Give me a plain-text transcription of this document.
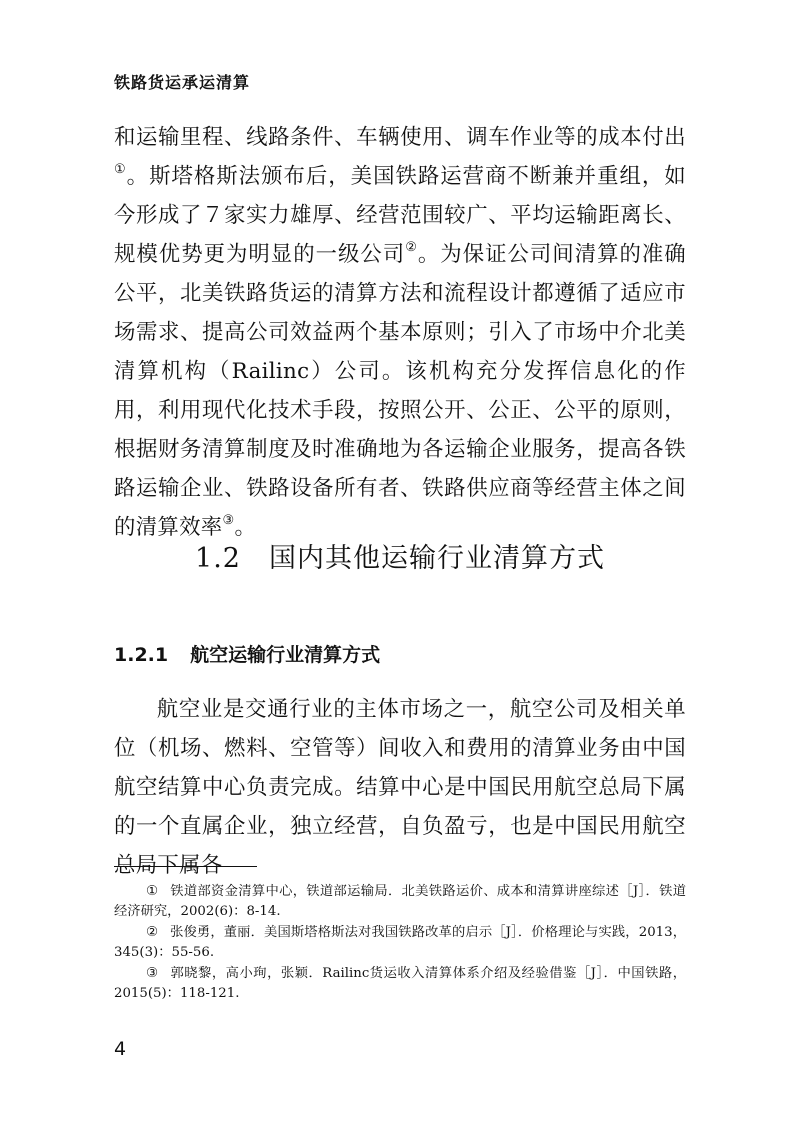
铁路货运承运清算

和运输里程、线路条件、车辆使用、调车作业等的成本付出①。斯塔格斯法颁布后，美国铁路运营商不断兼并重组，如今形成了７家实力雄厚、经营范围较广、平均运输距离长、规模优势更为明显的一级公司②。为保证公司间清算的准确公平，北美铁路货运的清算方法和流程设计都遵循了适应市场需求、提高公司效益两个基本原则；引入了市场中介北美清算机构（Railinc）公司。该机构充分发挥信息化的作用，利用现代化技术手段，按照公开、公正、公平的原则，根据财务清算制度及时准确地为各运输企业服务，提高各铁路运输企业、铁路设备所有者、铁路供应商等经营主体之间的清算效率③。

1.2 国内其他运输行业清算方式
1.2.1 航空运输行业清算方式

航空业是交通行业的主体市场之一，航空公司及相关单位（机场、燃料、空管等）间收入和费用的清算业务由中国航空结算中心负责完成。结算中心是中国民用航空总局下属的一个直属企业，独立经营，自负盈亏，也是中国民用航空总局下属各

① 铁道部资金清算中心，铁道部运输局．北美铁路运价、成本和清算讲座综述［J］．铁道经济研究，2002(6)：8-14.

② 张俊勇，董丽．美国斯塔格斯法对我国铁路改革的启示［J］．价格理论与实践，2013，345(3)：55-56.

③ 郭晓黎，高小珣，张颖．Railinc货运收入清算体系介绍及经验借鉴［J］．中国铁路，2015(5)：118-121.

4
